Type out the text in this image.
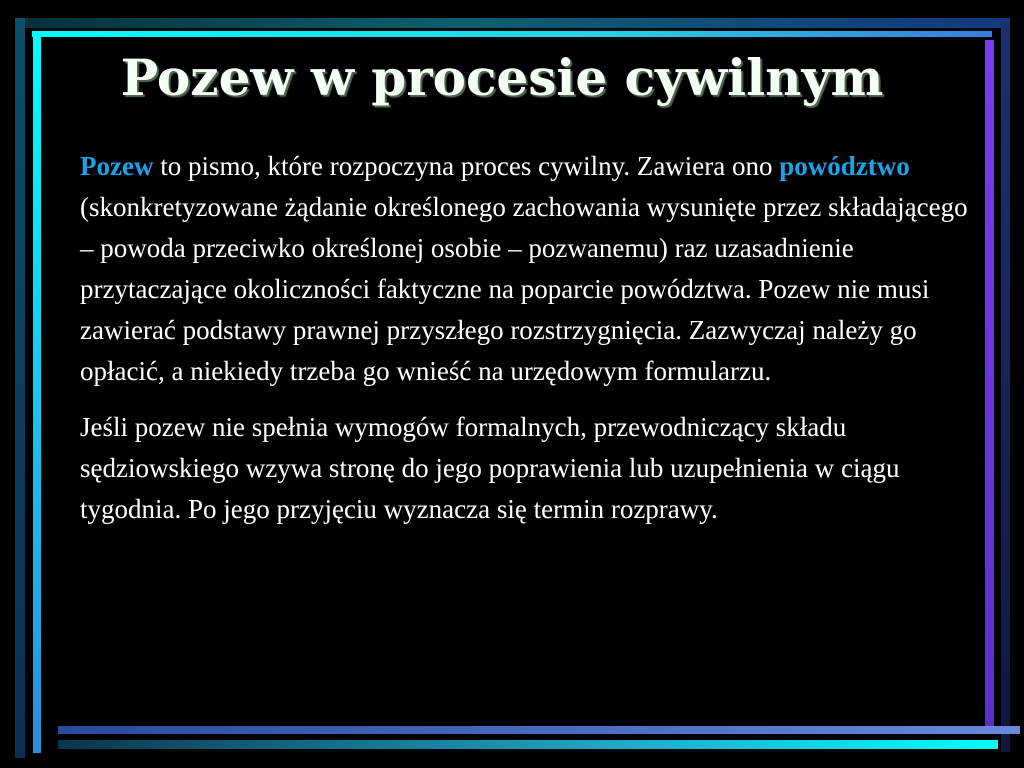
Pozew w procesie cywilnym

Pozew to pismo, które rozpoczyna proces cywilny. Zawiera ono powództwo (skonkretyzowane żądanie określonego zachowania wysunięte przez składającego – powoda przeciwko określonej osobie – pozwanemu) raz uzasadnienie przytaczające okoliczności faktyczne na poparcie powództwa. Pozew nie musi zawierać podstawy prawnej przyszłego rozstrzygnięcia. Zazwyczaj należy go opłacić, a niekiedy trzeba go wnieść na urzędowym formularzu.

Jeśli pozew nie spełnia wymogów formalnych, przewodniczący składu sędziowskiego wzywa stronę do jego poprawienia lub uzupełnienia w ciągu tygodnia. Po jego przyjęciu wyznacza się termin rozprawy.
